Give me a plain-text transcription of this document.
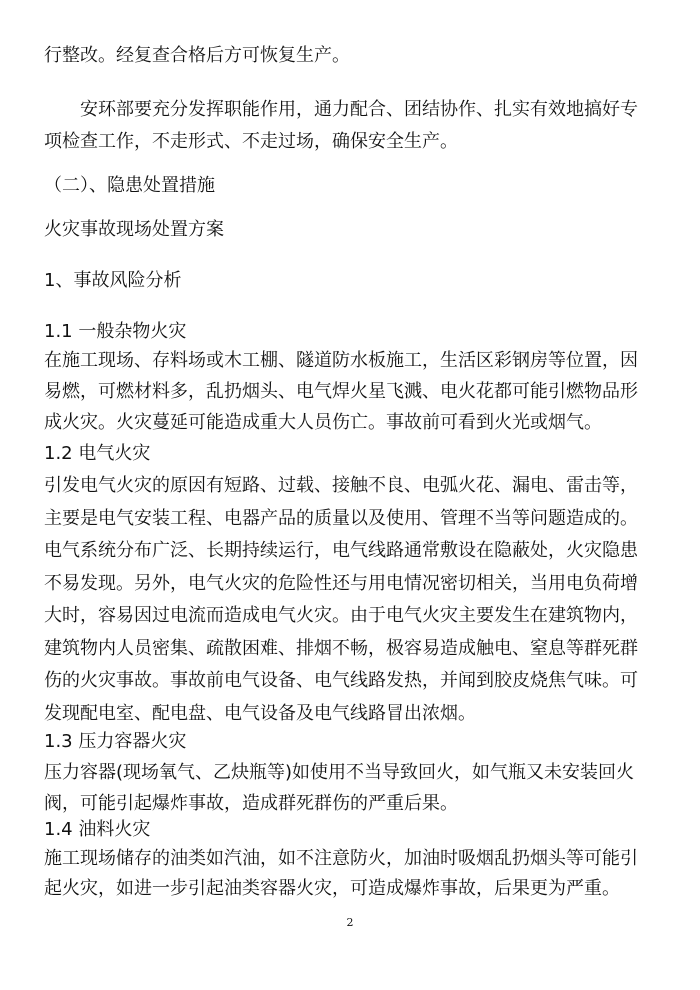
行整改。经复查合格后方可恢复生产。

安环部要充分发挥职能作用，通力配合、团结协作、扎实有效地搞好专

项检查工作，不走形式、不走过场，确保安全生产。

（二）、隐患处置措施

火灾事故现场处置方案

1、事故风险分析

1.1 一般杂物火灾

在施工现场、存料场或木工棚、隧道防水板施工，生活区彩钢房等位置，因

易燃，可燃材料多，乱扔烟头、电气焊火星飞溅、电火花都可能引燃物品形

成火灾。火灾蔓延可能造成重大人员伤亡。事故前可看到火光或烟气。

1.2 电气火灾

引发电气火灾的原因有短路、过载、接触不良、电弧火花、漏电、雷击等，

主要是电气安装工程、电器产品的质量以及使用、管理不当等问题造成的。

电气系统分布广泛、长期持续运行，电气线路通常敷设在隐蔽处，火灾隐患

不易发现。另外，电气火灾的危险性还与用电情况密切相关，当用电负荷增

大时，容易因过电流而造成电气火灾。由于电气火灾主要发生在建筑物内，

建筑物内人员密集、疏散困难、排烟不畅，极容易造成触电、窒息等群死群

伤的火灾事故。事故前电气设备、电气线路发热，并闻到胶皮烧焦气味。可

发现配电室、配电盘、电气设备及电气线路冒出浓烟。

1.3 压力容器火灾

压力容器(现场氧气、乙炔瓶等)如使用不当导致回火，如气瓶又未安装回火

阀，可能引起爆炸事故，造成群死群伤的严重后果。

1.4 油料火灾

施工现场储存的油类如汽油，如不注意防火，加油时吸烟乱扔烟头等可能引

起火灾，如进一步引起油类容器火灾，可造成爆炸事故，后果更为严重。

2
